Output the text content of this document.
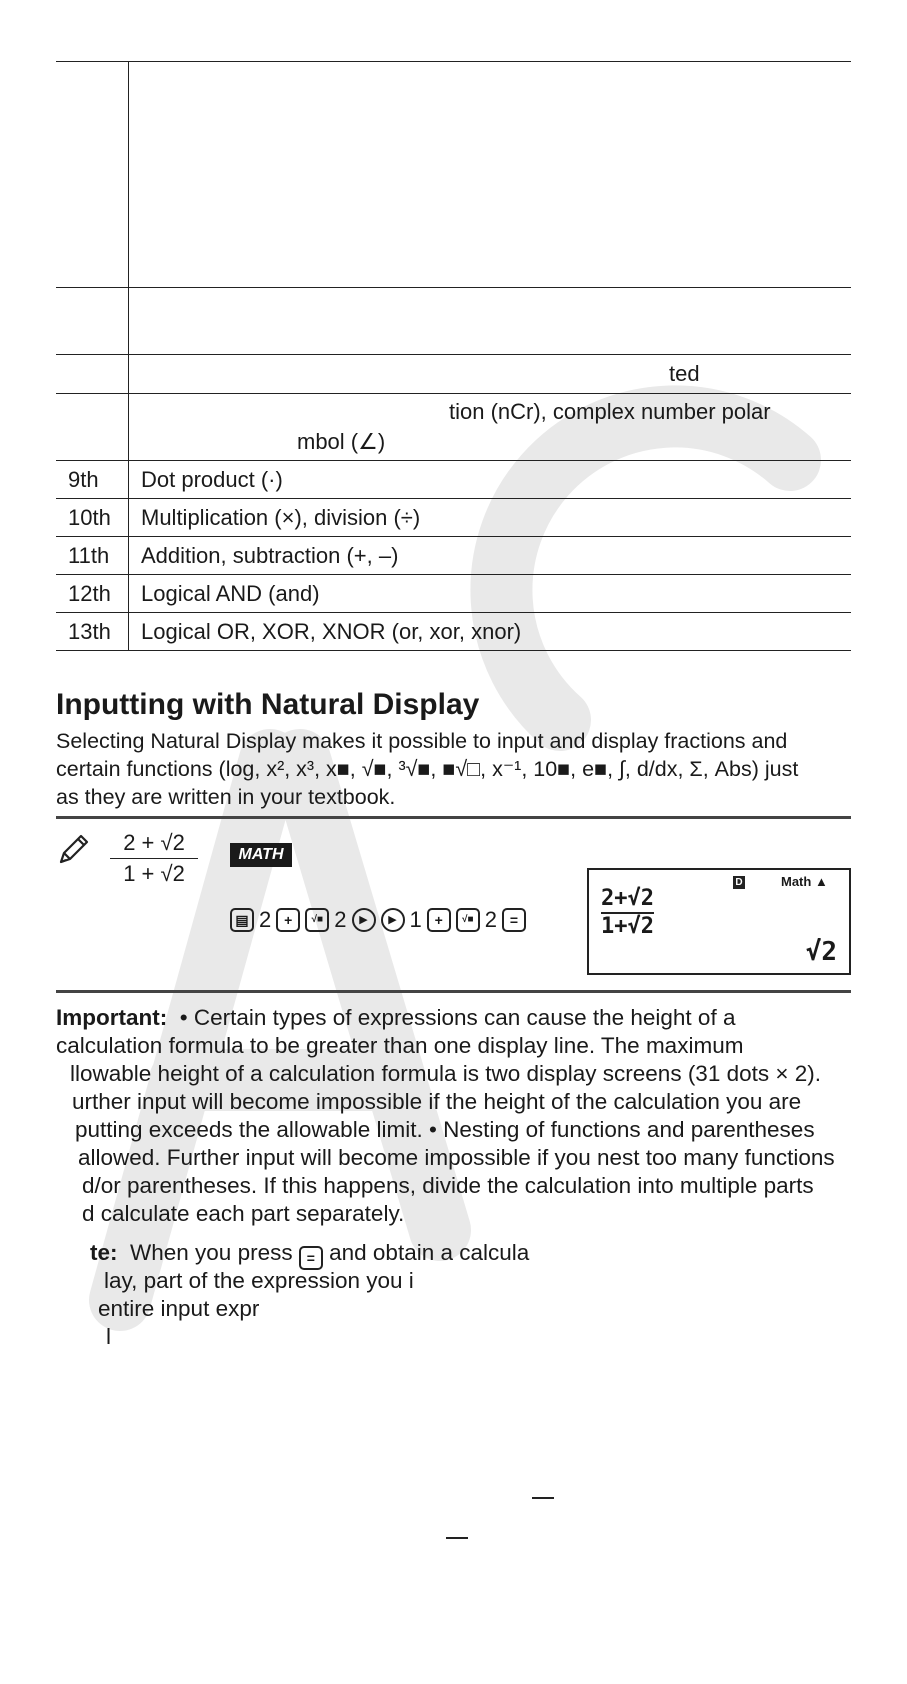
	ted

	tion (nCr), complex number polar
mbol (∠)

9th	Dot product (·)
10th	Multiplication (×), division (÷)
11th	Addition, subtraction (+, –)
12th	Logical AND (and)
13th	Logical OR, XOR, XNOR (or, xor, xnor)
Inputting with Natural Display
Selecting Natural Display makes it possible to input and display fractions and
certain functions (log, x², x³, x■, √■, ³√■, ■√□, x⁻¹, 10■, e■, ∫, d/dx, Σ, Abs) just
as they are written in your textbook.
$\frac{2 + √2}{1 + √2}$	MATH
▤ 2 +	√■ 2	▶	▶ 1 +	√■ 2 =
D	Math ▲
$\frac{2+√2}{1+√2}$
√2
Important: • Certain types of expressions can cause the height of a
calculation formula to be greater than one display line. The maximum
llowable height of a calculation formula is two display screens (31 dots × 2).
urther input will become impossible if the height of the calculation you are
putting exceeds the allowable limit. • Nesting of functions and parentheses
allowed. Further input will become impossible if you nest too many functions
d/or parentheses. If this happens, divide the calculation into multiple parts
d calculate each part separately.
te: When you press = and obtain a calcula
lay, part of the expression you i
entire input expr
l
